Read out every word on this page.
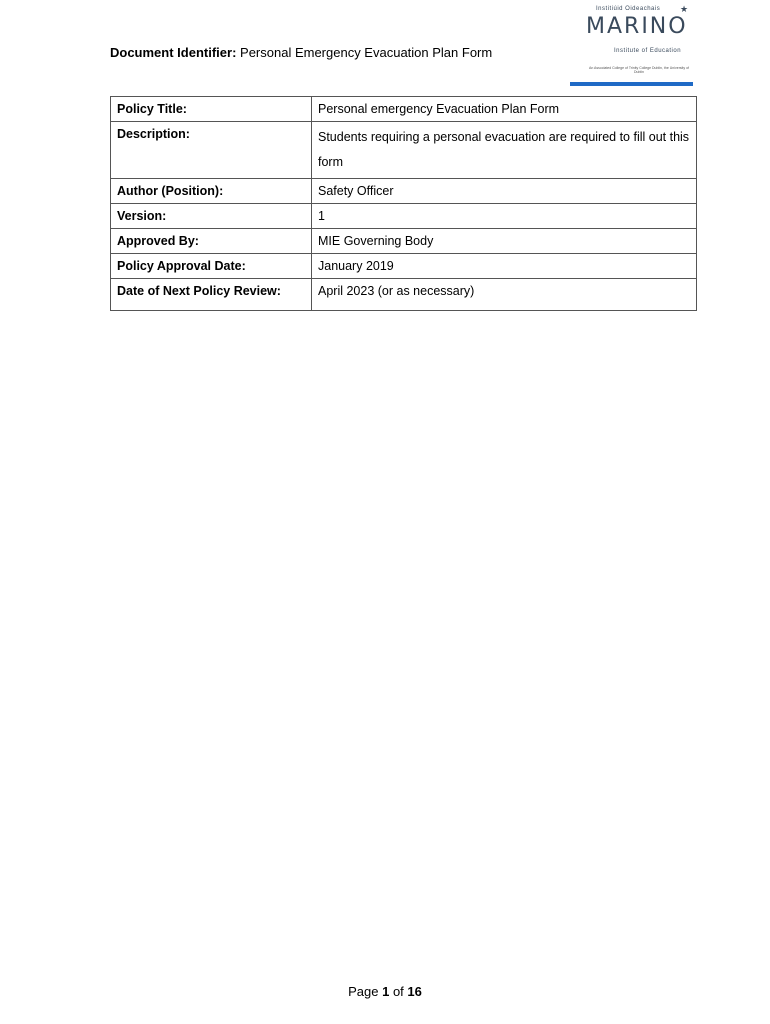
Document Identifier: Personal Emergency Evacuation Plan Form
Institiúid Oideachais ★
MARINO
Institute of Education
An Associated College of Trinity College Dublin, the University of Dublin
Policy Title:	Personal emergency Evacuation Plan Form
Description:	Students requiring a personal evacuation are required to fill out this form
Author (Position):	Safety Officer
Version:	1
Approved By:	MIE Governing Body
Policy Approval Date:	January 2019
Date of Next Policy Review:	April 2023 (or as necessary)
Page 1 of 16
